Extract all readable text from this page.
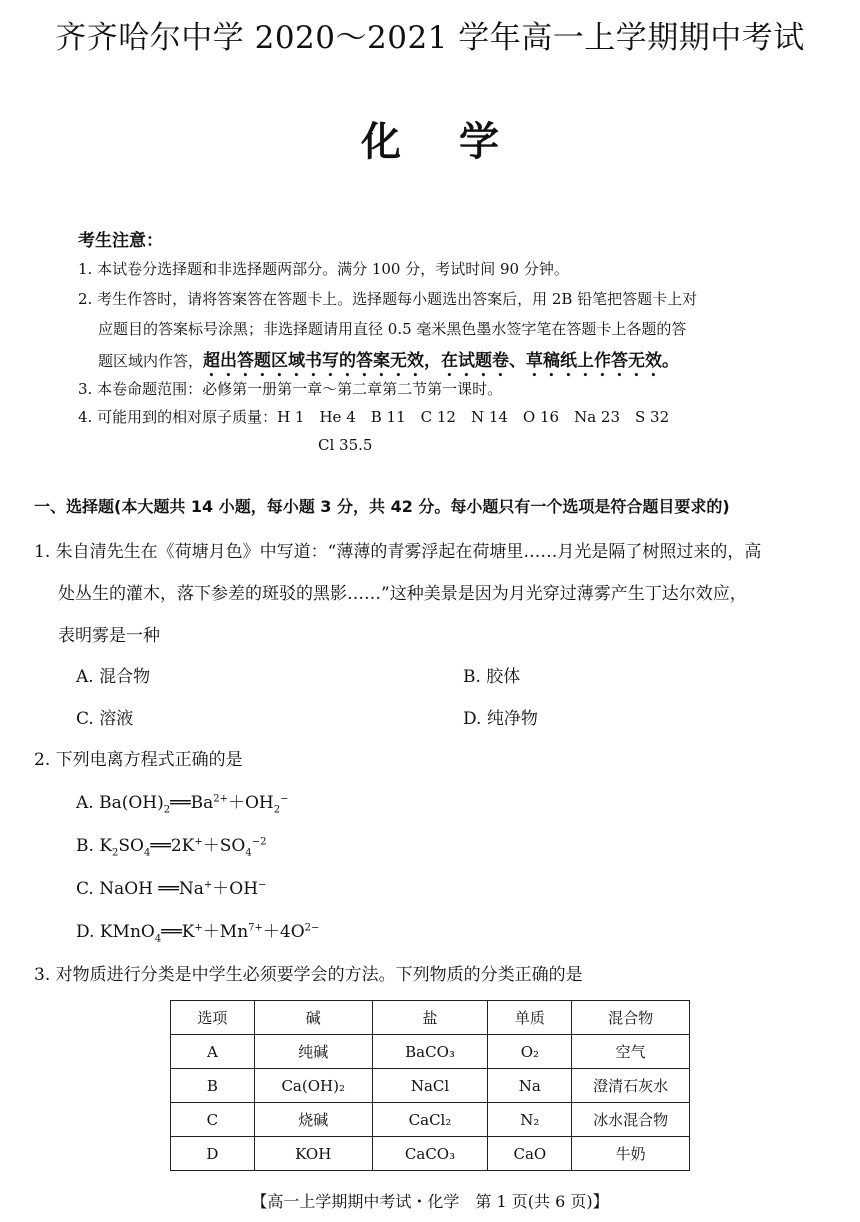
齐齐哈尔中学 2020～2021 学年高一上学期期中考试
化学
考生注意：
1. 本试卷分选择题和非选择题两部分。满分 100 分，考试时间 90 分钟。
2. 考生作答时，请将答案答在答题卡上。选择题每小题选出答案后，用 2B 铅笔把答题卡上对
应题目的答案标号涂黑；非选择题请用直径 0.5 毫米黑色墨水签字笔在答题卡上各题的答
题区域内作答，超出答题区域书写的答案无效，在试题卷、草稿纸上作答无效。
3. 本卷命题范围：必修第一册第一章～第二章第二节第一课时。
4. 可能用到的相对原子质量：H 1　He 4　B 11　C 12　N 14　O 16　Na 23　S 32
Cl 35.5
一、选择题(本大题共 14 小题，每小题 3 分，共 42 分。每小题只有一个选项是符合题目要求的)
1. 朱自清先生在《荷塘月色》中写道：“薄薄的青雾浮起在荷塘里……月光是隔了树照过来的，高
处丛生的灌木，落下参差的斑驳的黑影……”这种美景是因为月光穿过薄雾产生丁达尔效应，
表明雾是一种
A. 混合物	B. 胶体
C. 溶液	D. 纯净物
2. 下列电离方程式正确的是
A. $Ba(OH)_2══Ba^{2+}+OH_2^-$
B. $K_2SO_4══2K^++SO_4^{-2}$
C. NaOH ══Na+＋OH−
D. $KMnO_4══K^++Mn^{7+}+4O^{2-}$
3. 对物质进行分类是中学生必须要学会的方法。下列物质的分类正确的是
选项	碱	盐	单质	混合物
A	纯碱	BaCO₃	O₂	空气
B	Ca(OH)₂	NaCl	Na	澄清石灰水
C	烧碱	CaCl₂	N₂	冰水混合物
D	KOH	CaCO₃	CaO	牛奶
【高一上学期期中考试・化学　第 1 页(共 6 页)】
